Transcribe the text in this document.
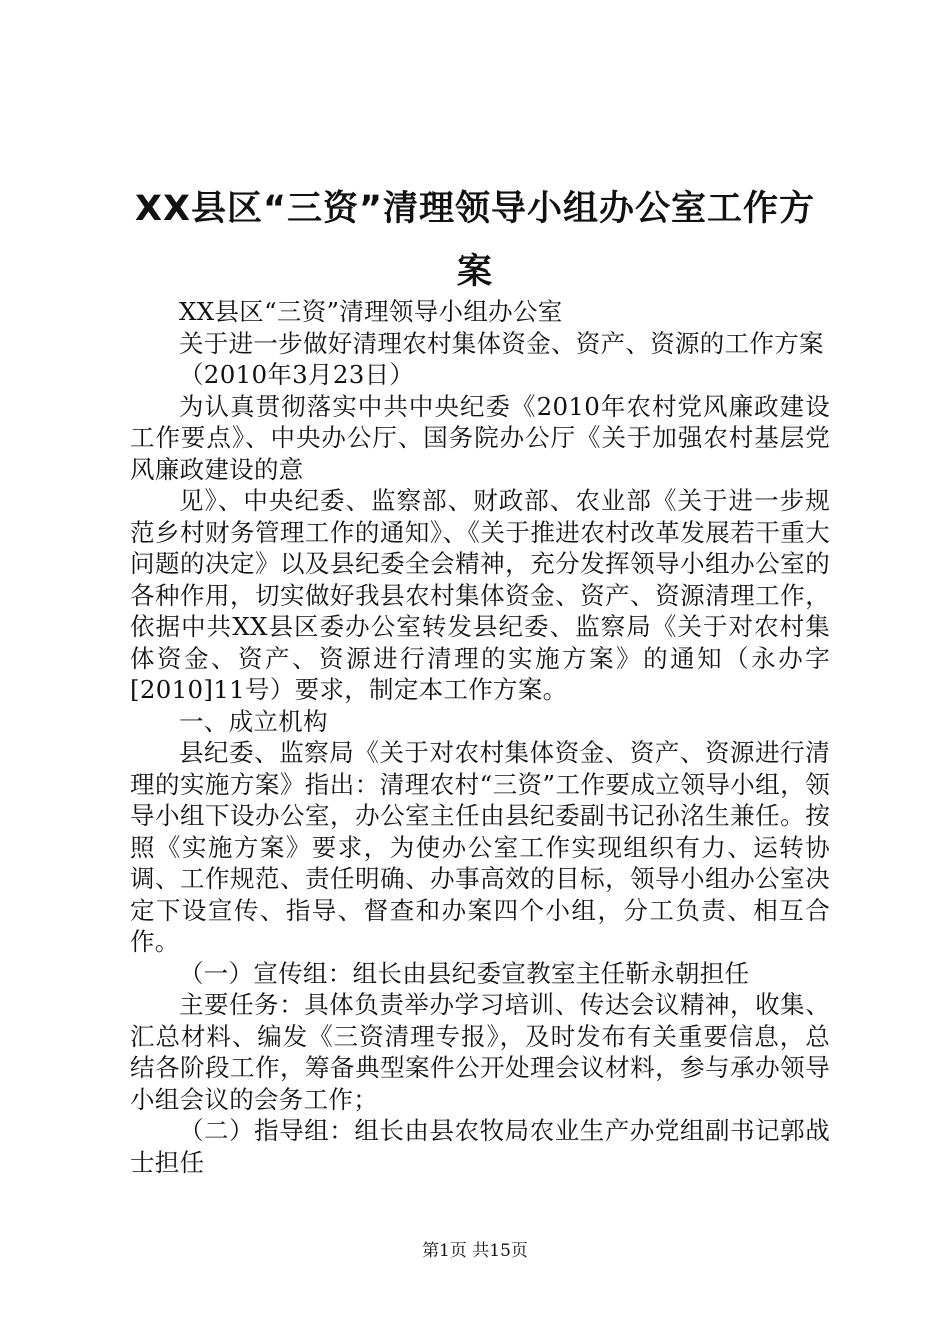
XX县区“三资”清理领导小组办公室工作方案

XX县区“三资”清理领导小组办公室

关于进一步做好清理农村集体资金、资产、资源的工作方案

（2010年3月23日）

为认真贯彻落实中共中央纪委《2010年农村党风廉政建设工作要点》、中央办公厅、国务院办公厅《关于加强农村基层党风廉政建设的意

见》、中央纪委、监察部、财政部、农业部《关于进一步规范乡村财务管理工作的通知》、《关于推进农村改革发展若干重大问题的决定》以及县纪委全会精神，充分发挥领导小组办公室的各种作用，切实做好我县农村集体资金、资产、资源清理工作，依据中共XX县区委办公室转发县纪委、监察局《关于对农村集体资金、资产、资源进行清理的实施方案》的通知（永办字[2010]11号）要求，制定本工作方案。

一、成立机构

县纪委、监察局《关于对农村集体资金、资产、资源进行清理的实施方案》指出：清理农村“三资”工作要成立领导小组，领导小组下设办公室，办公室主任由县纪委副书记孙洺生兼任。按照《实施方案》要求，为使办公室工作实现组织有力、运转协调、工作规范、责任明确、办事高效的目标，领导小组办公室决定下设宣传、指导、督查和办案四个小组，分工负责、相互合作。

（一）宣传组：组长由县纪委宣教室主任靳永朝担任

主要任务：具体负责举办学习培训、传达会议精神，收集、汇总材料、编发《三资清理专报》，及时发布有关重要信息，总结各阶段工作，筹备典型案件公开处理会议材料，参与承办领导小组会议的会务工作；

（二）指导组：组长由县农牧局农业生产办党组副书记郭战士担任

第1页 共15页
